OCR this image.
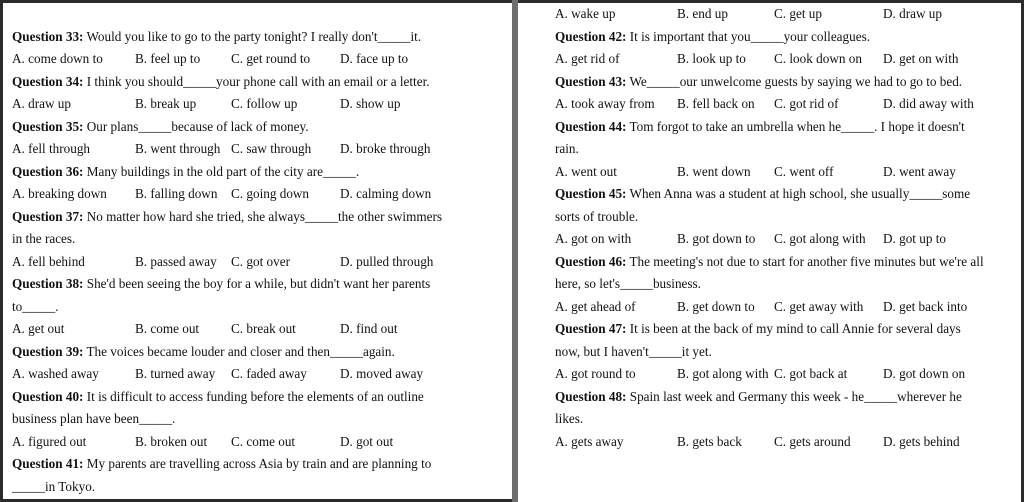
Question 33: Would you like to go to the party tonight? I really don't_____it.
A. come down to B. feel up to C. get round to D. face up to
Question 34: I think you should_____your phone call with an email or a letter.
A. draw up	B. break up	C. follow up	D. show up
Question 35: Our plans_____because of lack of money.
A. fell through	B. went through C. saw through D. broke through
Question 36: Many buildings in the old part of the city are_____.
A. breaking down B. falling down C. going down D. calming down
Question 37: No matter how hard she tried, she always_____the other swimmers
in the races.
A. fell behind	B. passed away C. got over	D. pulled through
Question 38: She'd been seeing the boy for a while, but didn't want her parents
to_____.
A. get out	B. come out C. break out	D. find out
Question 39: The voices became louder and closer and then_____again.
A. washed away	B. turned away C. faded away	D. moved away
Question 40: It is difficult to access funding before the elements of an outline
business plan have been_____.
A. figured out	B. broken out C. come out	D. got out
Question 41: My parents are travelling across Asia by train and are planning to
_____in Tokyo.
A. wake up	B. end up	C. get up	D. draw up
Question 42: It is important that you_____your colleagues.
A. get rid of	B. look up to C. look down on D. get on with
Question 43: We_____our unwelcome guests by saying we had to go to bed.
A. took away from B. fell back on C. got rid of	D. did away with
Question 44: Tom forgot to take an umbrella when he_____. I hope it doesn't
rain.
A. went out	B. went down C. went off	D. went away
Question 45: When Anna was a student at high school, she usually_____some
sorts of trouble.
A. got on with	B. got down to C. got along with D. got up to
Question 46: The meeting's not due to start for another five minutes but we're all
here, so let's_____business.
A. get ahead of	B. get down to C. get away with D. get back into
Question 47: It is been at the back of my mind to call Annie for several days
now, but I haven't_____it yet.
A. got round to	B. got along with C. got back at	D. got down on
Question 48: Spain last week and Germany this week - he_____wherever he
likes.
A. gets away	B. gets back C. gets around D. gets behind
